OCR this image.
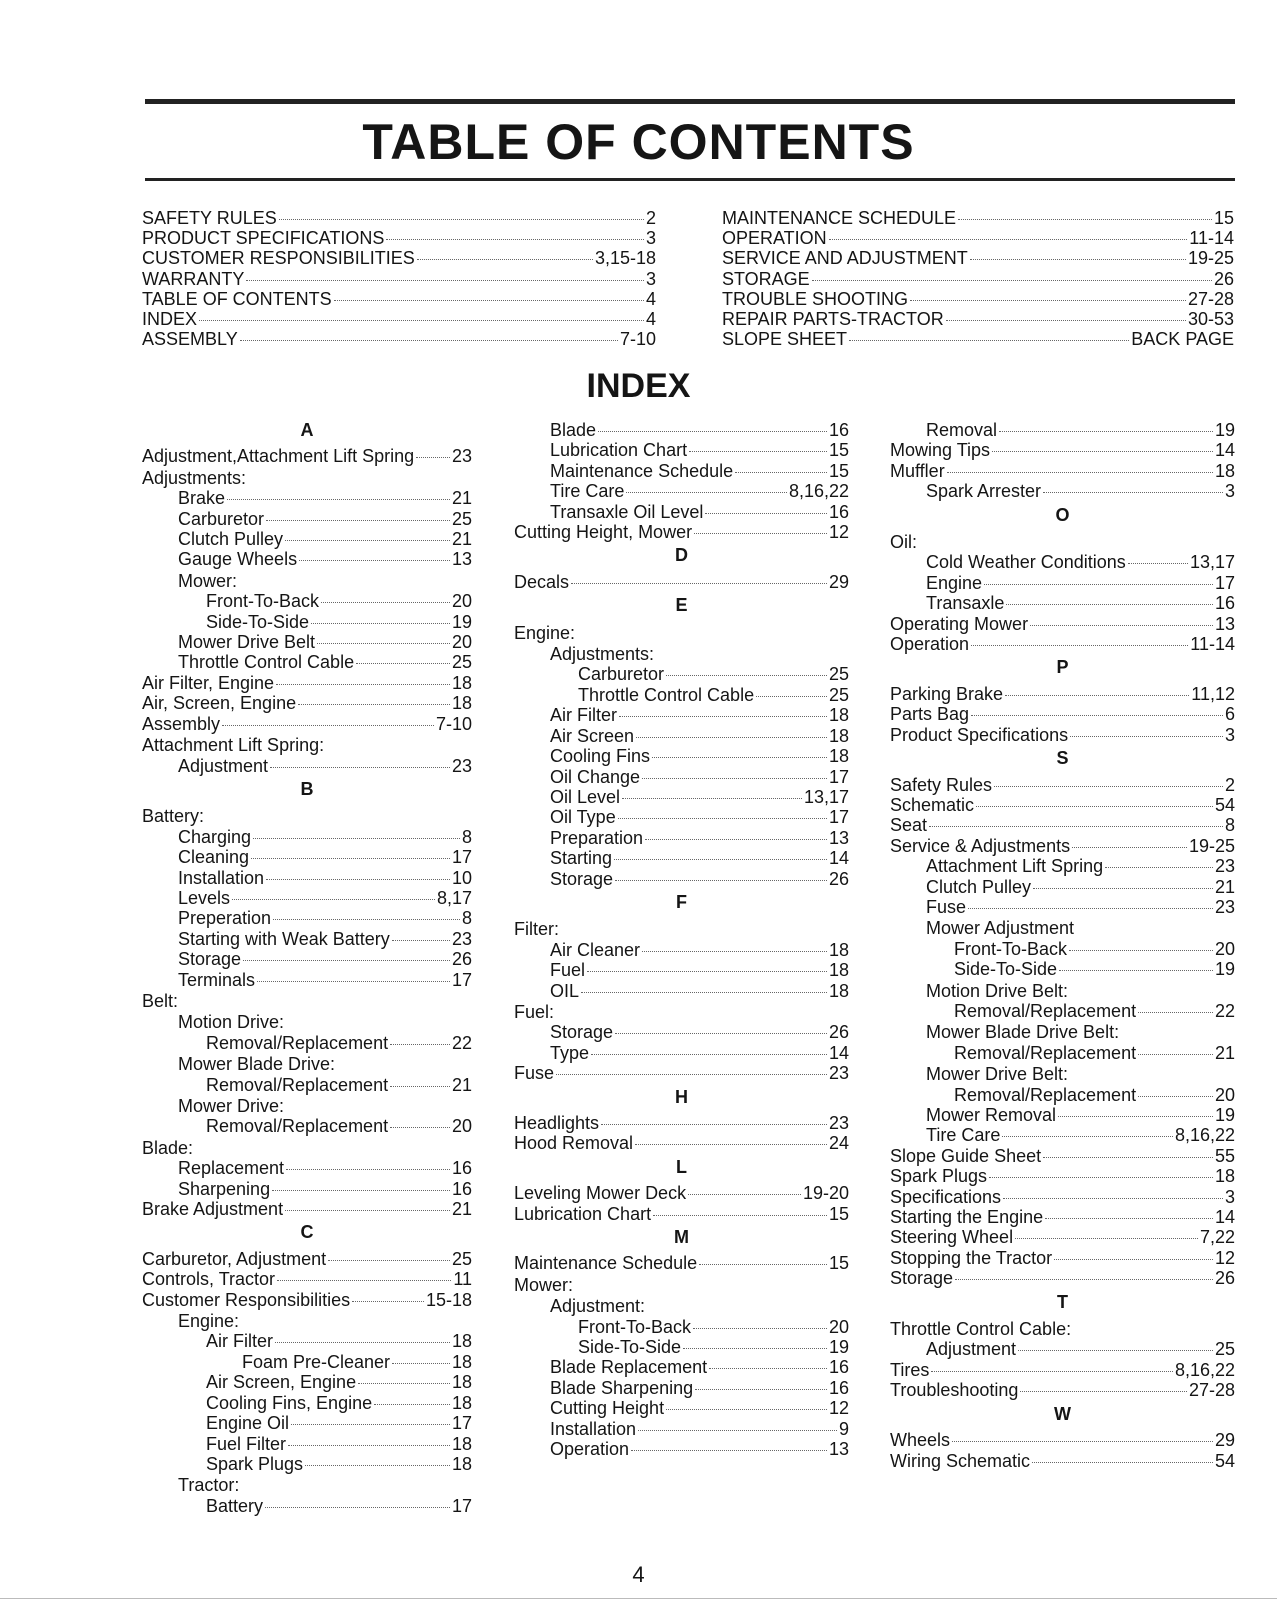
TABLE OF CONTENTS
SAFETY RULES	2
PRODUCT SPECIFICATIONS	3
CUSTOMER RESPONSIBILITIES	3,15-18
WARRANTY	3
TABLE OF CONTENTS	4
INDEX	4
ASSEMBLY	7-10
MAINTENANCE SCHEDULE	15
OPERATION	11-14
SERVICE AND ADJUSTMENT	19-25
STORAGE	26
TROUBLE SHOOTING	27-28
REPAIR PARTS-TRACTOR	30-53
SLOPE SHEET	BACK PAGE
INDEX
A
Adjustment,Attachment Lift Spring 23
Adjustments:
Brake	21
Carburetor	25
Clutch Pulley	21
Gauge Wheels	13
Mower:
Front-To-Back	20
Side-To-Side	19
Mower Drive Belt	20
Throttle Control Cable	25
Air Filter, Engine	18
Air, Screen, Engine	18
Assembly	7-10
Attachment Lift Spring:
Adjustment	23
B
Battery:
Charging	8
Cleaning	17
Installation	10
Levels	8,17
Preperation	8
Starting with Weak Battery	23
Storage	26
Terminals	17
Belt:
Motion Drive:
Removal/Replacement	22
Mower Blade Drive:
Removal/Replacement	21
Mower Drive:
Removal/Replacement	20
Blade:
Replacement	16
Sharpening	16
Brake Adjustment	21
C
Carburetor, Adjustment	25
Controls, Tractor	11
Customer Responsibilities	15-18
Engine:
Air Filter	18
Foam Pre-Cleaner	18
Air Screen, Engine	18
Cooling Fins, Engine	18
Engine Oil	17
Fuel Filter	18
Spark Plugs	18
Tractor:
Battery	17
Blade	16
Lubrication Chart	15
Maintenance Schedule	15
Tire Care	8,16,22
Transaxle Oil Level	16
Cutting Height, Mower	12
D
Decals	29
E
Engine:
Adjustments:
Carburetor	25
Throttle Control Cable	25
Air Filter	18
Air Screen	18
Cooling Fins	18
Oil Change	17
Oil Level	13,17
Oil Type	17
Preparation	13
Starting	14
Storage	26
F
Filter:
Air Cleaner	18
Fuel	18
OIL	18
Fuel:
Storage	26
Type	14
Fuse	23
H
Headlights	23
Hood Removal	24
L
Leveling Mower Deck	19-20
Lubrication Chart	15
M
Maintenance Schedule	15
Mower:
Adjustment:
Front-To-Back	20
Side-To-Side	19
Blade Replacement	16
Blade Sharpening	16
Cutting Height	12
Installation	9
Operation	13
Removal	19
Mowing Tips	14
Muffler	18
Spark Arrester	3
O
Oil:
Cold Weather Conditions	13,17
Engine	17
Transaxle	16
Operating Mower	13
Operation	11-14
P
Parking Brake	11,12
Parts Bag	6
Product Specifications	3
S
Safety Rules	2
Schematic	54
Seat	8
Service & Adjustments	19-25
Attachment Lift Spring	23
Clutch Pulley	21
Fuse	23
Mower Adjustment
Front-To-Back	20
Side-To-Side	19
Motion Drive Belt:
Removal/Replacement	22
Mower Blade Drive Belt:
Removal/Replacement	21
Mower Drive Belt:
Removal/Replacement	20
Mower Removal	19
Tire Care	8,16,22
Slope Guide Sheet	55
Spark Plugs	18
Specifications	3
Starting the Engine	14
Steering Wheel	7,22
Stopping the Tractor	12
Storage	26
T
Throttle Control Cable:
Adjustment	25
Tires	8,16,22
Troubleshooting	27-28
W
Wheels	29
Wiring Schematic	54
4
